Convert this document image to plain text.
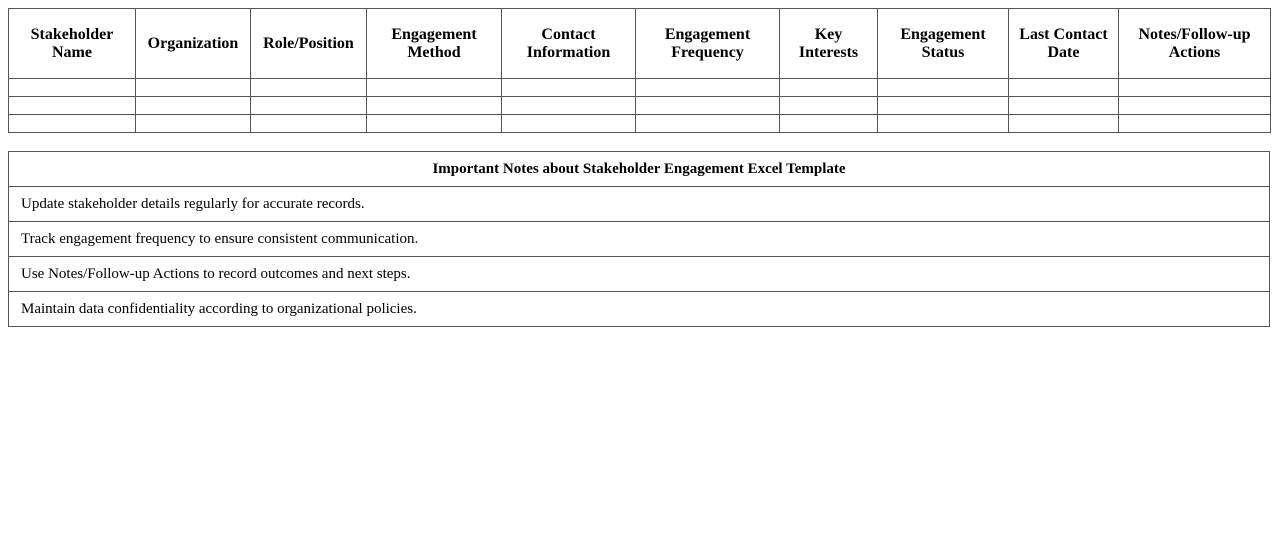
Stakeholder Name	Organization	Role/Position	Engagement Method	Contact Information	Engagement Frequency	Key Interests	Engagement Status	Last Contact Date	Notes/Follow-up Actions

Important Notes about Stakeholder Engagement Excel Template
Update stakeholder details regularly for accurate records.
Track engagement frequency to ensure consistent communication.
Use Notes/Follow-up Actions to record outcomes and next steps.
Maintain data confidentiality according to organizational policies.
